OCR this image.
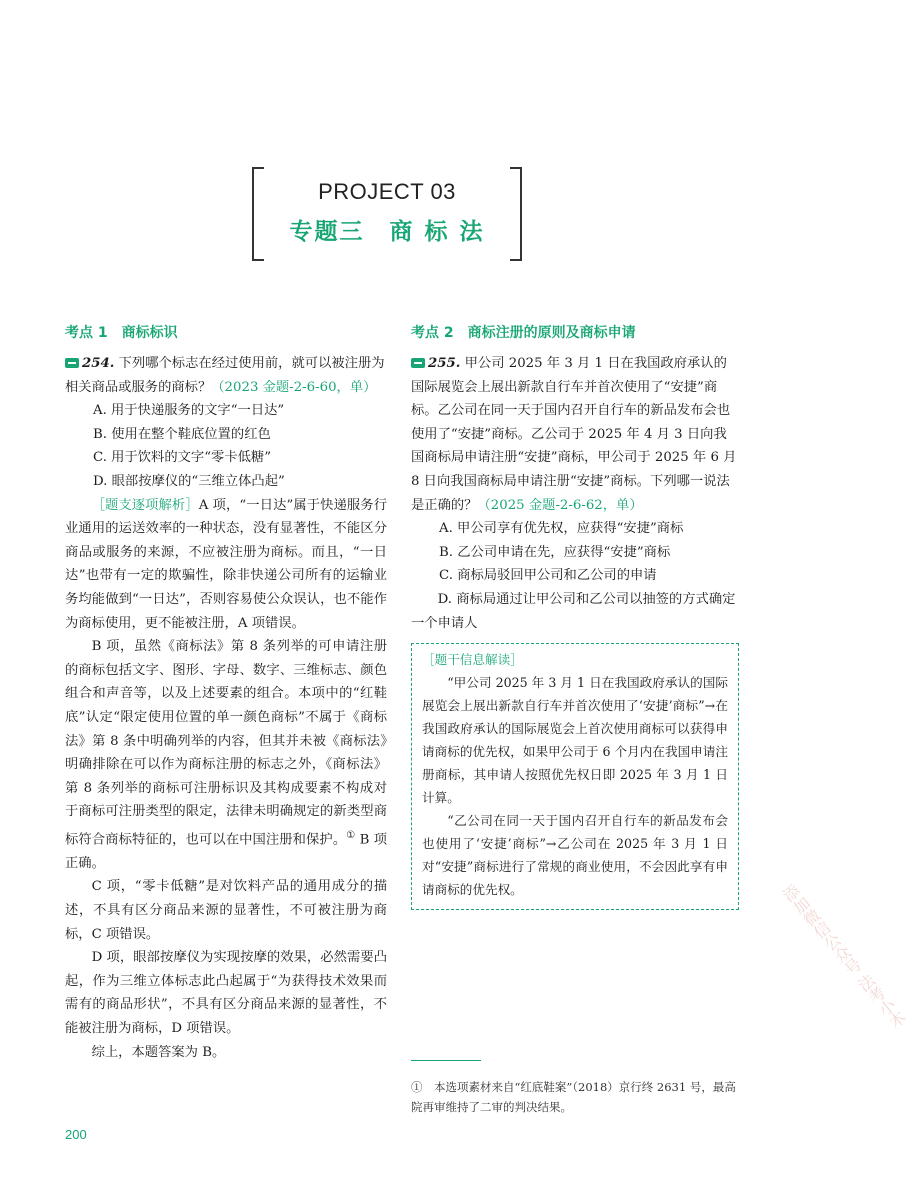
PROJECT 03
专题三　商 标 法
考点 1 商标标识

254. 下列哪个标志在经过使用前，就可以被注册为相关商品或服务的商标？（2023 金题-2-6-60，单）

A. 用于快递服务的文字“一日达”

B. 使用在整个鞋底位置的红色

C. 用于饮料的文字“零卡低糖”

D. 眼部按摩仪的“三维立体凸起”

［题支逐项解析］A 项，“一日达”属于快递服务行业通用的运送效率的一种状态，没有显著性，不能区分商品或服务的来源，不应被注册为商标。而且，“一日达”也带有一定的欺骗性，除非快递公司所有的运输业务均能做到“一日达”，否则容易使公众误认，也不能作为商标使用，更不能被注册，A 项错误。

B 项，虽然《商标法》第 8 条列举的可申请注册的商标包括文字、图形、字母、数字、三维标志、颜色组合和声音等，以及上述要素的组合。本项中的“红鞋底”认定“限定使用位置的单一颜色商标”不属于《商标法》第 8 条中明确列举的内容，但其并未被《商标法》明确排除在可以作为商标注册的标志之外，《商标法》第 8 条列举的商标可注册标识及其构成要素不构成对于商标可注册类型的限定，法律未明确规定的新类型商标符合商标特征的，也可以在中国注册和保护。① B 项正确。

C 项，“零卡低糖”是对饮料产品的通用成分的描述，不具有区分商品来源的显著性，不可被注册为商标，C 项错误。

D 项，眼部按摩仪为实现按摩的效果，必然需要凸起，作为三维立体标志此凸起属于“为获得技术效果而需有的商品形状”，不具有区分商品来源的显著性，不能被注册为商标，D 项错误。

综上，本题答案为 B。

考点 2 商标注册的原则及商标申请

255. 甲公司 2025 年 3 月 1 日在我国政府承认的国际展览会上展出新款自行车并首次使用了“安捷”商标。乙公司在同一天于国内召开自行车的新品发布会也使用了“安捷”商标。乙公司于 2025 年 4 月 3 日向我国商标局申请注册“安捷”商标，甲公司于 2025 年 6 月 8 日向我国商标局申请注册“安捷”商标。下列哪一说法是正确的？（2025 金题-2-6-62，单）

A. 甲公司享有优先权，应获得“安捷”商标

B. 乙公司申请在先，应获得“安捷”商标

C. 商标局驳回甲公司和乙公司的申请

D. 商标局通过让甲公司和乙公司以抽签的方式确定一个申请人

［题干信息解读］

“甲公司 2025 年 3 月 1 日在我国政府承认的国际展览会上展出新款自行车并首次使用了‘安捷’商标”→在我国政府承认的国际展览会上首次使用商标可以获得申请商标的优先权，如果甲公司于 6 个月内在我国申请注册商标，其申请人按照优先权日即 2025 年 3 月 1 日计算。

“乙公司在同一天于国内召开自行车的新品发布会也使用了‘安捷’商标”→乙公司在 2025 年 3 月 1 日对“安捷”商标进行了常规的商业使用，不会因此享有申请商标的优先权。

①　本选项素材来自“红底鞋案”（2018）京行终 2631 号，最高院再审维持了二审的判决结果。
200
添加微信公众号 法考小木
